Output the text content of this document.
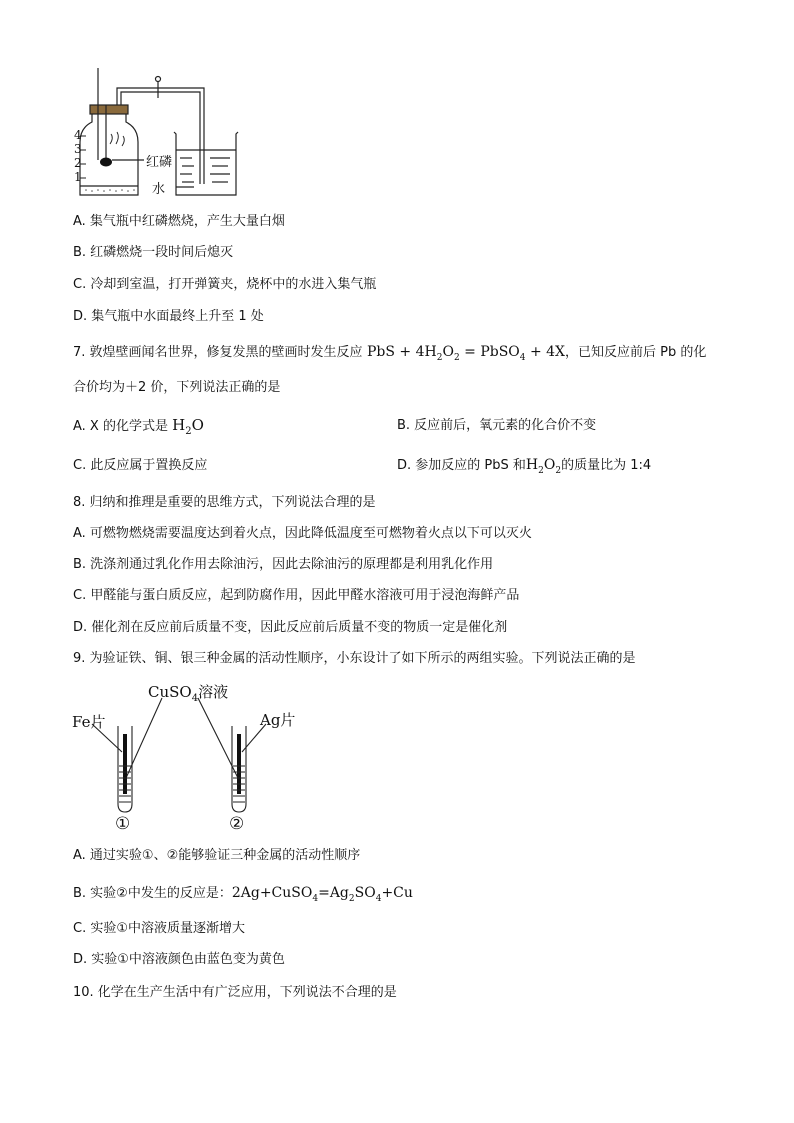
4
3
2
1
红磷
水
A. 集气瓶中红磷燃烧，产生大量白烟
B. 红磷燃烧一段时间后熄灭
C. 冷却到室温，打开弹簧夹，烧杯中的水进入集气瓶
D. 集气瓶中水面最终上升至 1 处
7. 敦煌壁画闻名世界，修复发黑的壁画时发生反应 PbS + $4H_2O_2$ = PbSO$_4$ + 4X，已知反应前后 Pb 的化
合价均为＋2 价，下列说法正确的是
A. X 的化学式是 $H_2O$	B. 反应前后，氧元素的化合价不变
C. 此反应属于置换反应	D. 参加反应的 PbS 和$H_2O_2$的质量比为 1:4
8. 归纳和推理是重要的思维方式，下列说法合理的是
A. 可燃物燃烧需要温度达到着火点，因此降低温度至可燃物着火点以下可以灭火
B. 洗涤剂通过乳化作用去除油污，因此去除油污的原理都是利用乳化作用
C. 甲醛能与蛋白质反应，起到防腐作用，因此甲醛水溶液可用于浸泡海鲜产品
D. 催化剂在反应前后质量不变，因此反应前后质量不变的物质一定是催化剂
9. 为验证铁、铜、银三种金属的活动性顺序，小东设计了如下所示的两组实验。下列说法正确的是
CuSO$_4$溶液
Fe片	Ag片
①	②
A. 通过实验①、②能够验证三种金属的活动性顺序
B. 实验②中发生的反应是：$2Ag+CuSO_4=Ag_2SO_4+Cu$
C. 实验①中溶液质量逐渐增大
D. 实验①中溶液颜色由蓝色变为黄色
10. 化学在生产生活中有广泛应用，下列说法不合理的是
